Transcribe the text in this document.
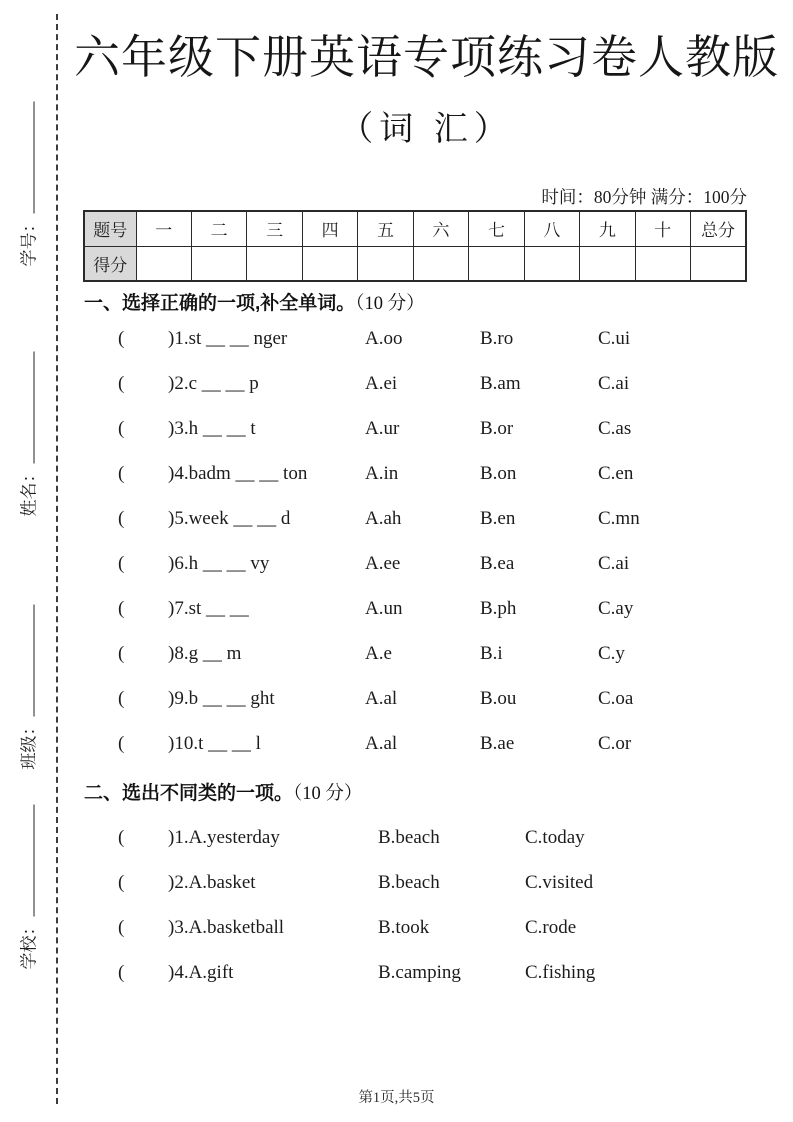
学号：
姓名：
班级：
学校：
六年级下册英语专项练习卷人教版
（词 汇）
时间：80分钟 满分：100分
题号	一	二	三	四	五	六	七	八	九	十	总分
得分											
一、选择正确的一项,补全单词。（10 分）
(	)1.st __ __ nger	A.oo	B.ro	C.ui
(	)2.c __ __ p	A.ei	B.am	C.ai
(	)3.h __ __ t	A.ur	B.or	C.as
(	)4.badm __ __ ton	A.in	B.on	C.en
(	)5.week __ __ d	A.ah	B.en	C.mn
(	)6.h __ __ vy	A.ee	B.ea	C.ai
(	)7.st __ __	A.un	B.ph	C.ay
(	)8.g __ m	A.e	B.i	C.y
(	)9.b __ __ ght	A.al	B.ou	C.oa
(	)10.t __ __ l	A.al	B.ae	C.or
二、选出不同类的一项。（10 分）
(	)1.A.yesterday	B.beach	C.today
(	)2.A.basket	B.beach	C.visited
(	)3.A.basketball	B.took	C.rode
(	)4.A.gift	B.camping	C.fishing
第1页,共5页
